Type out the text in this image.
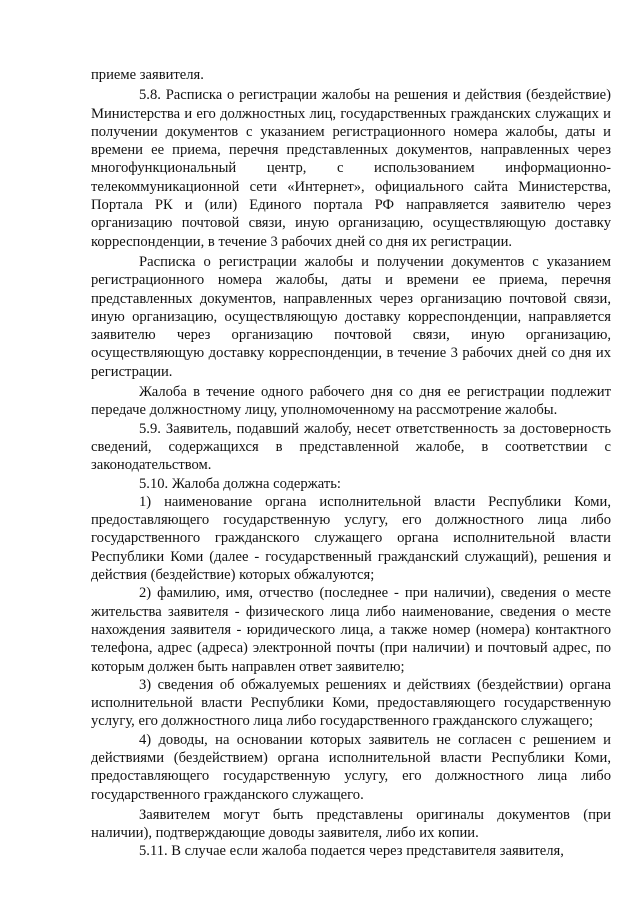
приеме заявителя.

5.8. Расписка о регистрации жалобы на решения и действия (бездействие) Министерства и его должностных лиц, государственных гражданских служащих и получении документов с указанием регистрационного номера жалобы, даты и времени ее приема, перечня представленных документов, направленных через многофункциональный центр, с использованием информационно-телекоммуникационной сети «Интернет», официального сайта Министерства, Портала РК и (или) Единого портала РФ направляется заявителю через организацию почтовой связи, иную организацию, осуществляющую доставку корреспонденции, в течение 3 рабочих дней со дня их регистрации.

Расписка о регистрации жалобы и получении документов с указанием регистрационного номера жалобы, даты и времени ее приема, перечня представленных документов, направленных через организацию почтовой связи, иную организацию, осуществляющую доставку корреспонденции, направляется заявителю через организацию почтовой связи, иную организацию, осуществляющую доставку корреспонденции, в течение 3 рабочих дней со дня их регистрации.

Жалоба в течение одного рабочего дня со дня ее регистрации подлежит передаче должностному лицу, уполномоченному на рассмотрение жалобы.

5.9. Заявитель, подавший жалобу, несет ответственность за достоверность сведений, содержащихся в представленной жалобе, в соответствии с законодательством.

5.10. Жалоба должна содержать:

1) наименование органа исполнительной власти Республики Коми, предоставляющего государственную услугу, его должностного лица либо государственного гражданского служащего органа исполнительной власти Республики Коми (далее - государственный гражданский служащий), решения и действия (бездействие) которых обжалуются;

2) фамилию, имя, отчество (последнее - при наличии), сведения о месте жительства заявителя - физического лица либо наименование, сведения о месте нахождения заявителя - юридического лица, а также номер (номера) контактного телефона, адрес (адреса) электронной почты (при наличии) и почтовый адрес, по которым должен быть направлен ответ заявителю;

3) сведения об обжалуемых решениях и действиях (бездействии) органа исполнительной власти Республики Коми, предоставляющего государственную услугу, его должностного лица либо государственного гражданского служащего;

4) доводы, на основании которых заявитель не согласен с решением и действиями (бездействием) органа исполнительной власти Республики Коми, предоставляющего государственную услугу, его должностного лица либо государственного гражданского служащего.

Заявителем могут быть представлены оригиналы документов (при наличии), подтверждающие доводы заявителя, либо их копии.

5.11. В случае если жалоба подается через представителя заявителя,
